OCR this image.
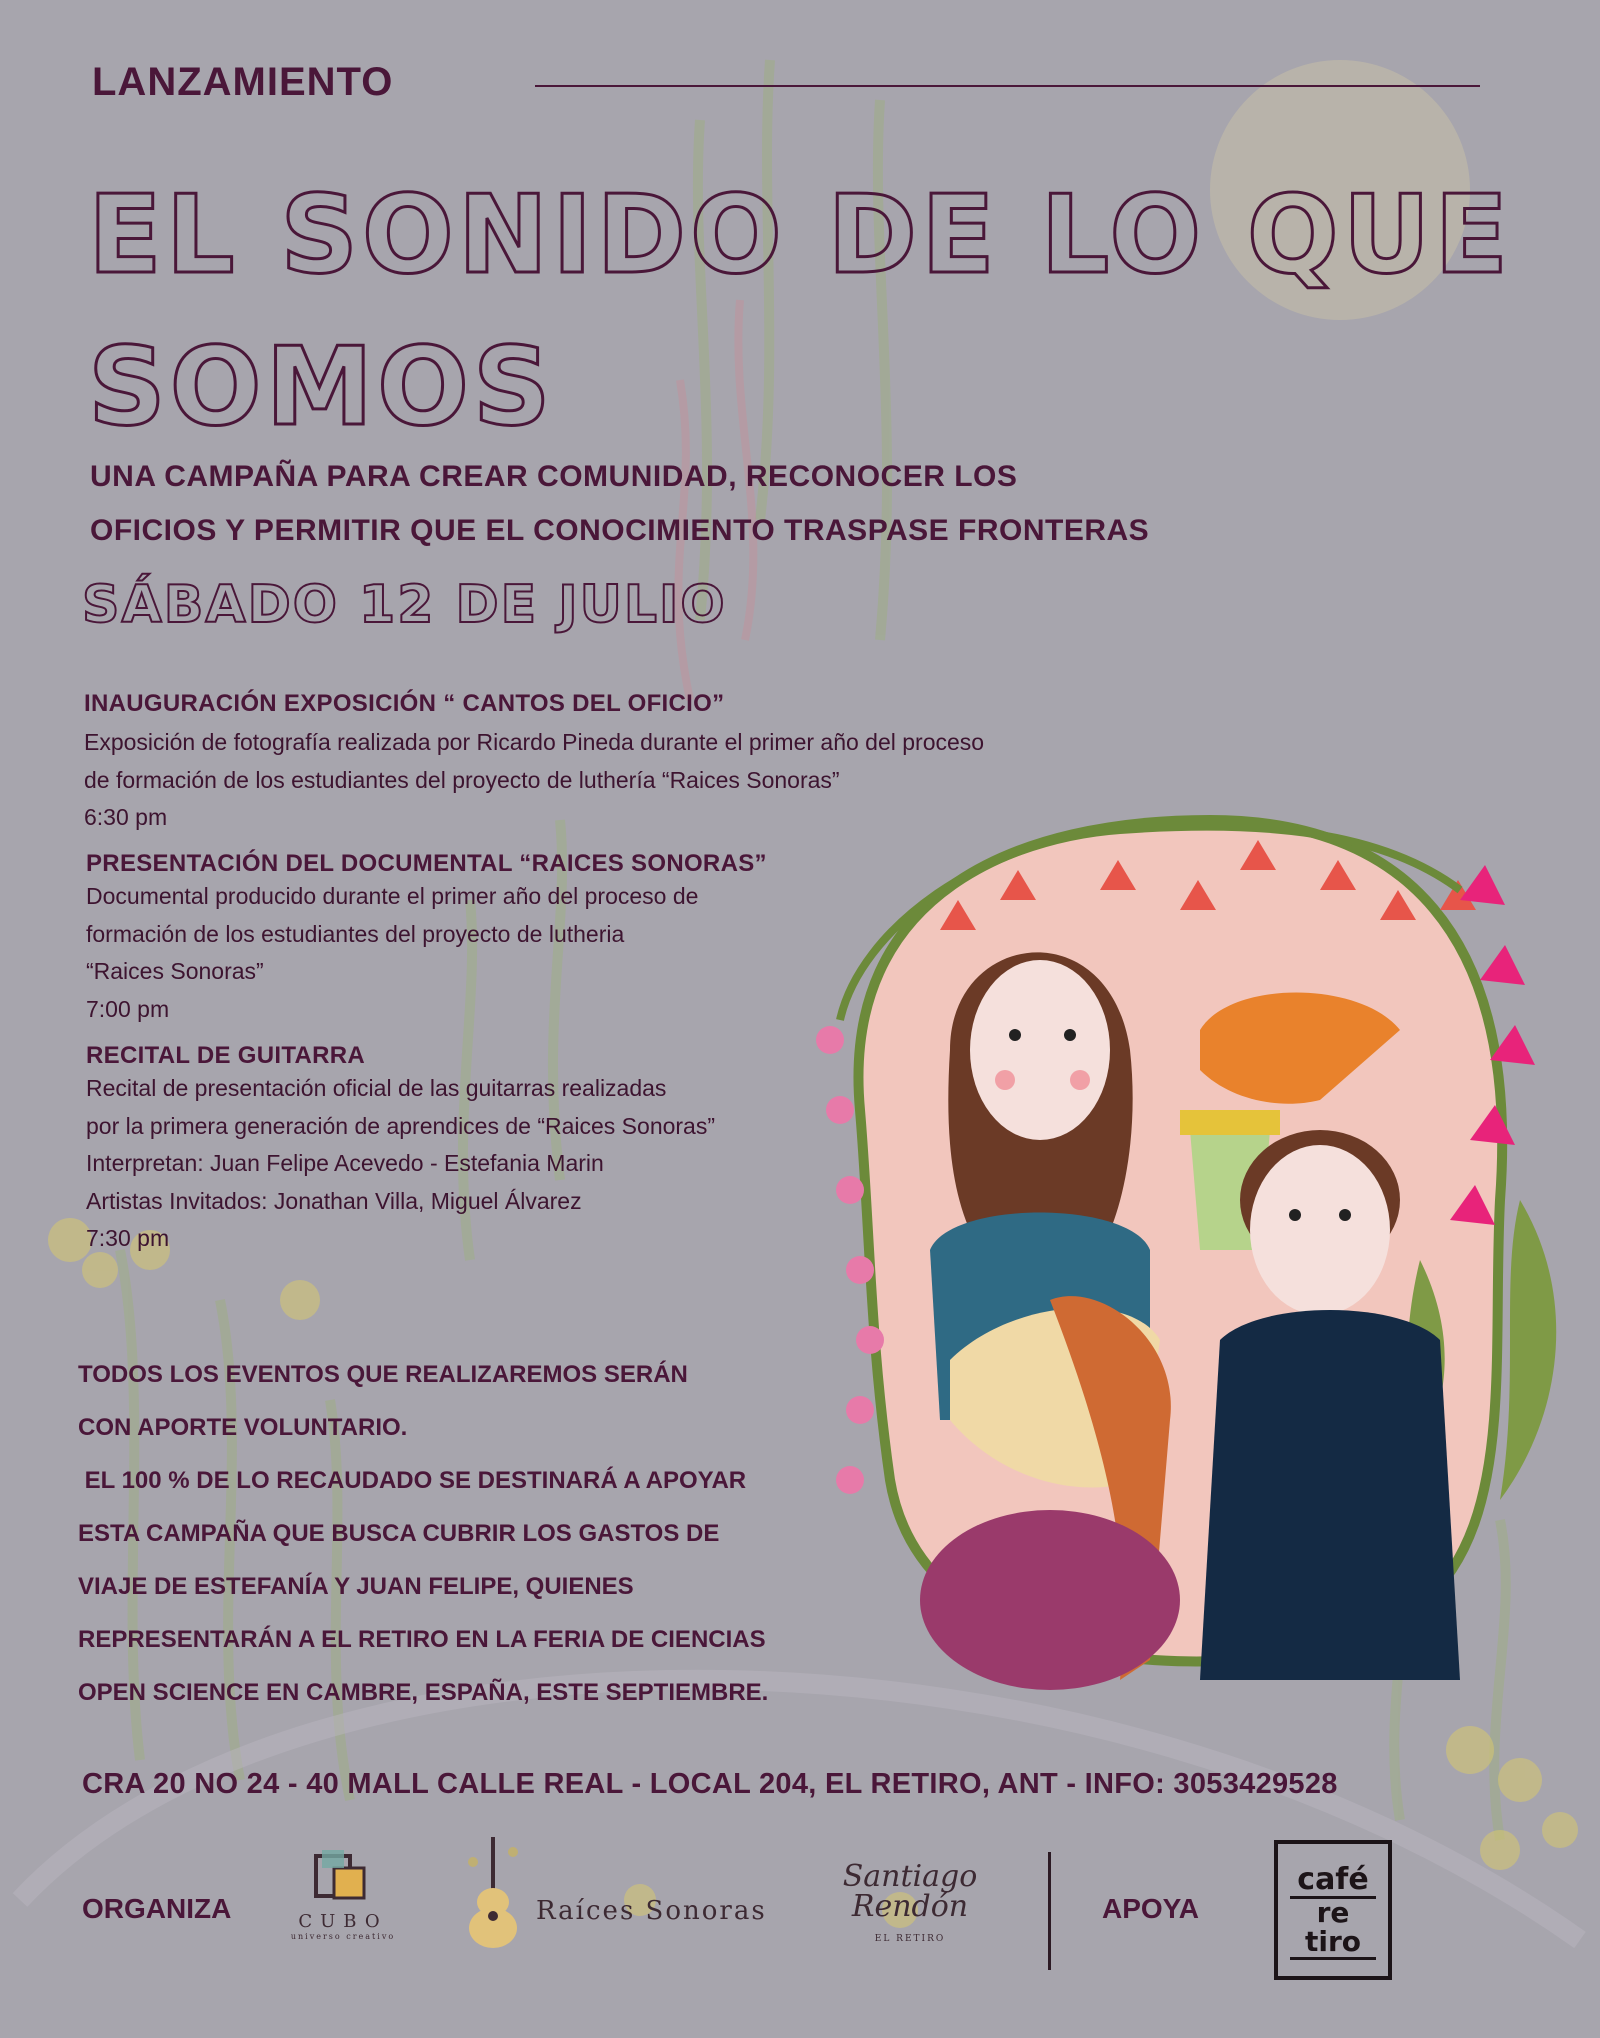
LANZAMIENTO
EL SONIDO DE LO QUE
SOMOS
UNA CAMPAÑA PARA CREAR COMUNIDAD, RECONOCER LOS
OFICIOS Y PERMITIR QUE EL CONOCIMIENTO TRASPASE FRONTERAS
SÁBADO 12 DE JULIO
INAUGURACIÓN EXPOSICIÓN “ CANTOS DEL OFICIO”
Exposición de fotografía realizada por Ricardo Pineda durante el primer año del proceso
de formación de los estudiantes del proyecto de luthería “Raices Sonoras”
6:30 pm
PRESENTACIÓN DEL DOCUMENTAL “RAICES SONORAS”
Documental producido durante el primer año del proceso de
formación de los estudiantes del proyecto de lutheria
“Raices Sonoras”
7:00 pm
RECITAL DE GUITARRA
Recital de presentación oficial de las guitarras realizadas
por la primera generación de aprendices de “Raices Sonoras”
Interpretan: Juan Felipe Acevedo - Estefania Marin
Artistas Invitados: Jonathan Villa, Miguel Álvarez
7:30 pm
TODOS LOS EVENTOS QUE REALIZAREMOS SERÁN
CON APORTE VOLUNTARIO.
EL 100 % DE LO RECAUDADO SE DESTINARÁ A APOYAR
ESTA CAMPAÑA QUE BUSCA CUBRIR LOS GASTOS DE
VIAJE DE ESTEFANÍA Y JUAN FELIPE, QUIENES
REPRESENTARÁN A EL RETIRO EN LA FERIA DE CIENCIAS
OPEN SCIENCE EN CAMBRE, ESPAÑA, ESTE SEPTIEMBRE.
CRA 20 NO 24 - 40 MALL CALLE REAL - LOCAL 204, EL RETIRO, ANT - INFO: 3053429528
ORGANIZA	CUBO
universo creativo
Raíces Sonoras
Santiago
Rendón
EL RETIRO
APOYA
café
re
tiro
